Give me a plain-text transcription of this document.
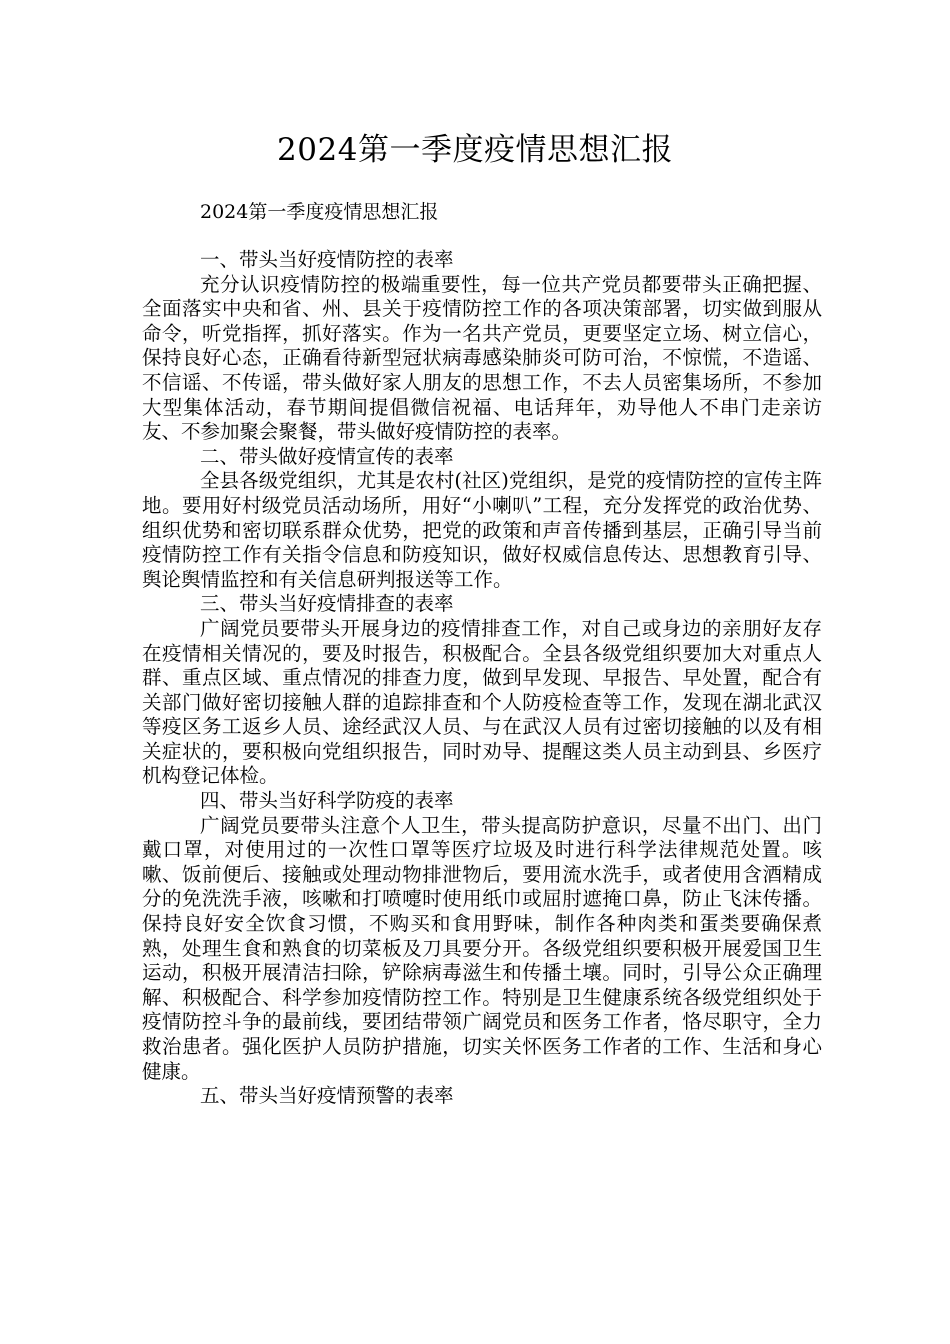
2024第一季度疫情思想汇报
2024第一季度疫情思想汇报

一、带头当好疫情防控的表率

充分认识疫情防控的极端重要性，每一位共产党员都要带头正确把握、全面落实中央和省、州、县关于疫情防控工作的各项决策部署，切实做到服从命令，听党指挥，抓好落实。作为一名共产党员，更要坚定立场、树立信心，保持良好心态，正确看待新型冠状病毒感染肺炎可防可治，不惊慌，不造谣、不信谣、不传谣，带头做好家人朋友的思想工作，不去人员密集场所，不参加大型集体活动，春节期间提倡微信祝福、电话拜年，劝导他人不串门走亲访友、不参加聚会聚餐，带头做好疫情防控的表率。

二、带头做好疫情宣传的表率

全县各级党组织，尤其是农村(社区)党组织，是党的疫情防控的宣传主阵地。要用好村级党员活动场所，用好“小喇叭”工程，充分发挥党的政治优势、组织优势和密切联系群众优势，把党的政策和声音传播到基层，正确引导当前疫情防控工作有关指令信息和防疫知识，做好权威信息传达、思想教育引导、舆论舆情监控和有关信息研判报送等工作。

三、带头当好疫情排查的表率

广阔党员要带头开展身边的疫情排查工作，对自己或身边的亲朋好友存在疫情相关情况的，要及时报告，积极配合。全县各级党组织要加大对重点人群、重点区域、重点情况的排查力度，做到早发现、早报告、早处置，配合有关部门做好密切接触人群的追踪排查和个人防疫检查等工作，发现在湖北武汉等疫区务工返乡人员、途经武汉人员、与在武汉人员有过密切接触的以及有相关症状的，要积极向党组织报告，同时劝导、提醒这类人员主动到县、乡医疗机构登记体检。

四、带头当好科学防疫的表率

广阔党员要带头注意个人卫生，带头提高防护意识，尽量不出门、出门戴口罩，对使用过的一次性口罩等医疗垃圾及时进行科学法律规范处置。咳嗽、饭前便后、接触或处理动物排泄物后，要用流水洗手，或者使用含酒精成分的免洗洗手液，咳嗽和打喷嚏时使用纸巾或屈肘遮掩口鼻，防止飞沫传播。保持良好安全饮食习惯，不购买和食用野味，制作各种肉类和蛋类要确保煮熟，处理生食和熟食的切菜板及刀具要分开。各级党组织要积极开展爱国卫生运动，积极开展清洁扫除，铲除病毒滋生和传播土壤。同时，引导公众正确理解、积极配合、科学参加疫情防控工作。特别是卫生健康系统各级党组织处于疫情防控斗争的最前线，要团结带领广阔党员和医务工作者，恪尽职守，全力救治患者。强化医护人员防护措施，切实关怀医务工作者的工作、生活和身心健康。

五、带头当好疫情预警的表率
